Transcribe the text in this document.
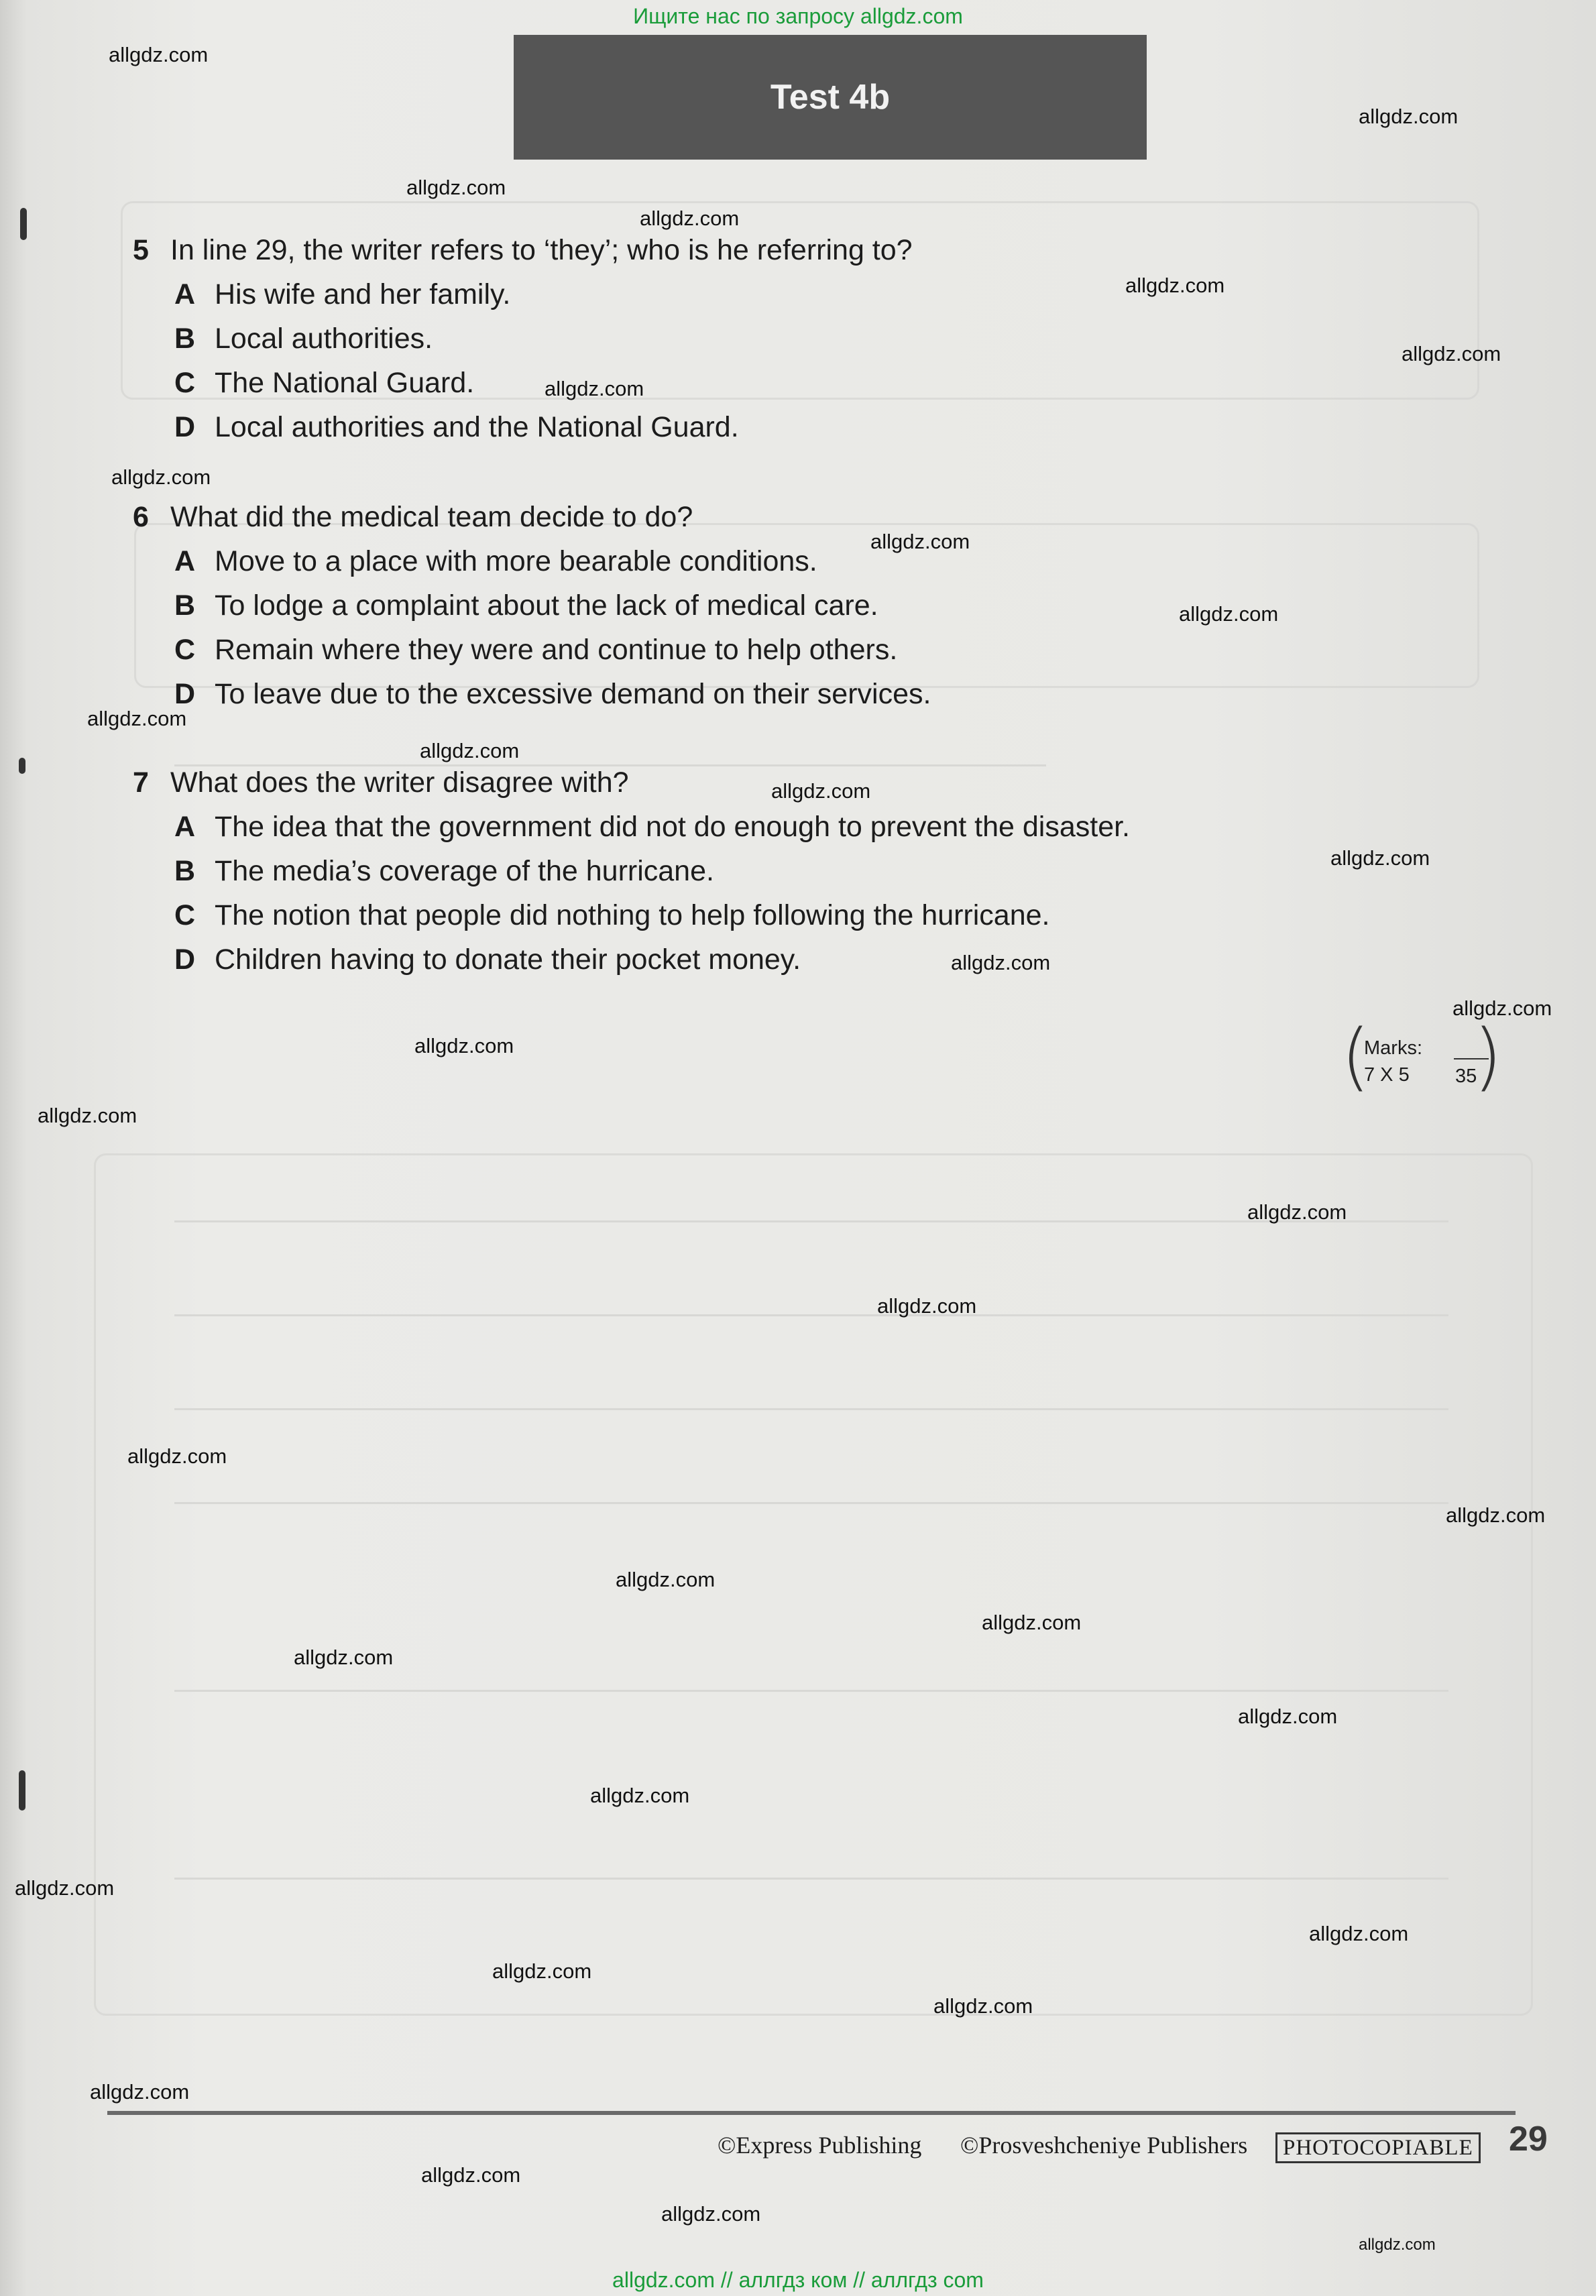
Ищите нас по запросу allgdz.com
Test 4b
5 In line 29, the writer refers to ‘they’; who is he referring to?
A His wife and her family.
B Local authorities.
C The National Guard.
D Local authorities and the National Guard.
6 What did the medical team decide to do?
A Move to a place with more bearable conditions.
B To lodge a complaint about the lack of medical care.
C Remain where they were and continue to help others.
D To leave due to the excessive demand on their services.
7 What does the writer disagree with?
A The idea that the government did not do enough to prevent the disaster.
B The media’s coverage of the hurricane.
C The notion that people did nothing to help following the hurricane.
D Children having to donate their pocket money.
(
Marks:
7 X 5 35
)
©Express Publishing ©Prosveshcheniye Publishers	PHOTOCOPIABLE 29
allgdz.com
allgdz.com
allgdz.com
allgdz.com
allgdz.com
allgdz.com
allgdz.com
allgdz.com
allgdz.com
allgdz.com
allgdz.com
allgdz.com
allgdz.com
allgdz.com
allgdz.com
allgdz.com
allgdz.com
allgdz.com
allgdz.com
allgdz.com
allgdz.com
allgdz.com
allgdz.com
allgdz.com
allgdz.com
allgdz.com
allgdz.com
allgdz.com
allgdz.com
allgdz.com
allgdz.com
allgdz.com
allgdz.com
allgdz.com
allgdz.com
allgdz.com // аллгдз ком // аллгдз com
